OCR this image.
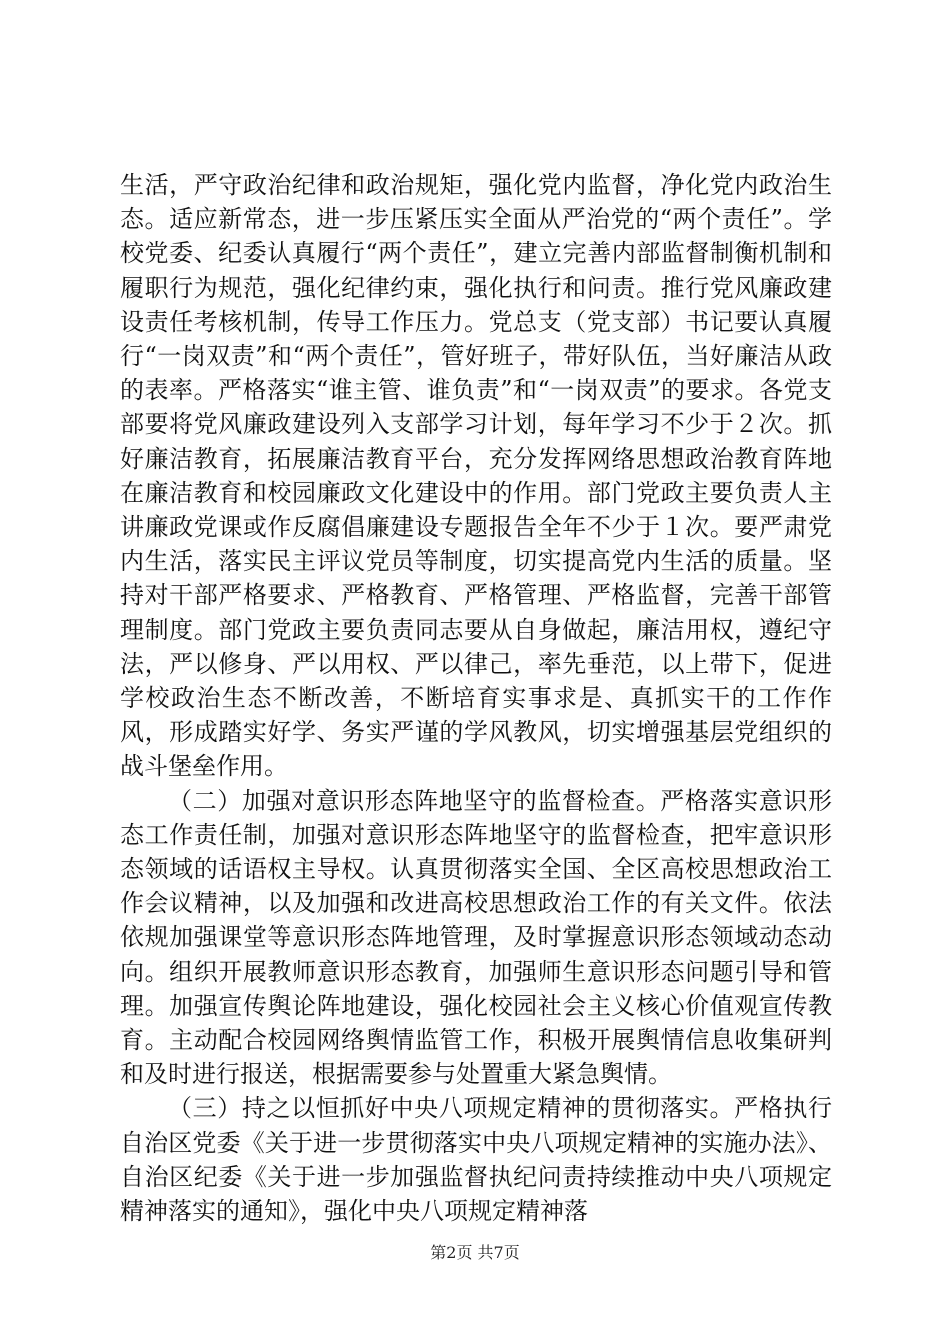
生活，严守政治纪律和政治规矩，强化党内监督，净化党内政治生态。适应新常态，进一步压紧压实全面从严治党的“两个责任”。学校党委、纪委认真履行“两个责任”，建立完善内部监督制衡机制和履职行为规范，强化纪律约束，强化执行和问责。推行党风廉政建设责任考核机制，传导工作压力。党总支（党支部）书记要认真履行“一岗双责”和“两个责任”，管好班子，带好队伍，当好廉洁从政的表率。严格落实“谁主管、谁负责”和“一岗双责”的要求。各党支部要将党风廉政建设列入支部学习计划，每年学习不少于２次。抓好廉洁教育，拓展廉洁教育平台，充分发挥网络思想政治教育阵地在廉洁教育和校园廉政文化建设中的作用。部门党政主要负责人主讲廉政党课或作反腐倡廉建设专题报告全年不少于１次。要严肃党内生活，落实民主评议党员等制度，切实提高党内生活的质量。坚持对干部严格要求、严格教育、严格管理、严格监督，完善干部管理制度。部门党政主要负责同志要从自身做起，廉洁用权，遵纪守法，严以修身、严以用权、严以律己，率先垂范，以上带下，促进学校政治生态不断改善，不断培育实事求是、真抓实干的工作作风，形成踏实好学、务实严谨的学风教风，切实增强基层党组织的战斗堡垒作用。

（二）加强对意识形态阵地坚守的监督检查。严格落实意识形态工作责任制，加强对意识形态阵地坚守的监督检查，把牢意识形态领域的话语权主导权。认真贯彻落实全国、全区高校思想政治工作会议精神，以及加强和改进高校思想政治工作的有关文件。依法依规加强课堂等意识形态阵地管理，及时掌握意识形态领域动态动向。组织开展教师意识形态教育，加强师生意识形态问题引导和管理。加强宣传舆论阵地建设，强化校园社会主义核心价值观宣传教育。主动配合校园网络舆情监管工作，积极开展舆情信息收集研判和及时进行报送，根据需要参与处置重大紧急舆情。

（三）持之以恒抓好中央八项规定精神的贯彻落实。严格执行自治区党委《关于进一步贯彻落实中央八项规定精神的实施办法》、自治区纪委《关于进一步加强监督执纪问责持续推动中央八项规定精神落实的通知》，强化中央八项规定精神落

第2页 共7页
